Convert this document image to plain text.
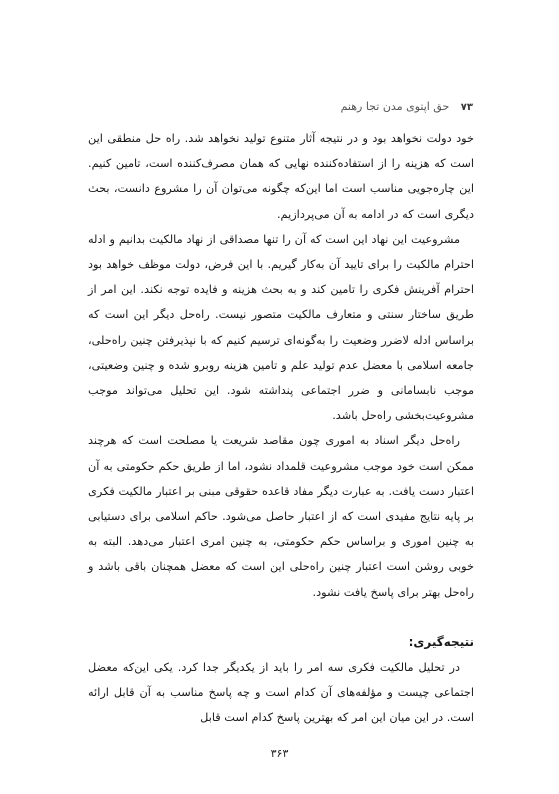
۷۳ حق اپتوی مدن تجا رهنم

خود دولت نخواهد بود و در نتیجه آثار متنوع تولید نخواهد شد. راه حل منطقی این است که هزینه را از استفاده‌کننده نهایی که همان مصرف‌کننده است، تامین کنیم. این چاره‌جویی مناسب است اما این‌که چگونه می‌توان آن را مشروع دانست، بحث دیگری است که در ادامه به آن می‌پردازیم.

مشروعیت این نهاد این است که آن را تنها مصداقی از نهاد مالکیت بدانیم و ادله احترام مالکیت را برای تایید آن به‌کار گیریم. با این فرض، دولت موظف خواهد بود احترام آفرینش فکری را تامین کند و به بحث هزینه و فایده توجه نکند. این امر از طریق ساختار سنتی و متعارف مالکیت متصور نیست. راه‌حل دیگر این است که براساس ادله لاضرر وضعیت را به‌گونه‌ای ترسیم کنیم که با نپذیرفتن چنین راه‌حلی، جامعه اسلامی با معضل عدم تولید علم و تامین هزینه روبرو شده و چنین وضعیتی، موجب نابسامانی و ضرر اجتماعی پنداشته شود. این تحلیل می‌تواند موجب مشروعیت‌بخشی راه‌حل باشد.

راه‌حل دیگر اسناد به اموری چون مقاصد شریعت یا مصلحت است که هرچند ممکن است خود موجب مشروعیت قلمداد نشود، اما از طریق حکم حکومتی به آن اعتبار دست یافت. به عبارت دیگر مفاد قاعده حقوقی مبنی بر اعتبار مالکیت فکری بر پایه نتایج مفیدی است که از اعتبار حاصل می‌شود. حاکم اسلامی برای دستیابی به چنین اموری و براساس حکم حکومتی، به چنین امری اعتبار می‌دهد. البته به خوبی روشن است اعتبار چنین راه‌حلی این است که معضل همچنان باقی باشد و راه‌حل بهتر برای پاسخ یافت نشود.

نتیجه‌گیری:

در تحلیل مالکیت فکری سه امر را باید از یکدیگر جدا کرد. یکی این‌که معضل اجتماعی چیست و مؤلفه‌های آن کدام است و چه پاسخ مناسب به آن قابل ارائه است. در این میان این امر که بهترین پاسخ کدام است قابل

۳۶۳
